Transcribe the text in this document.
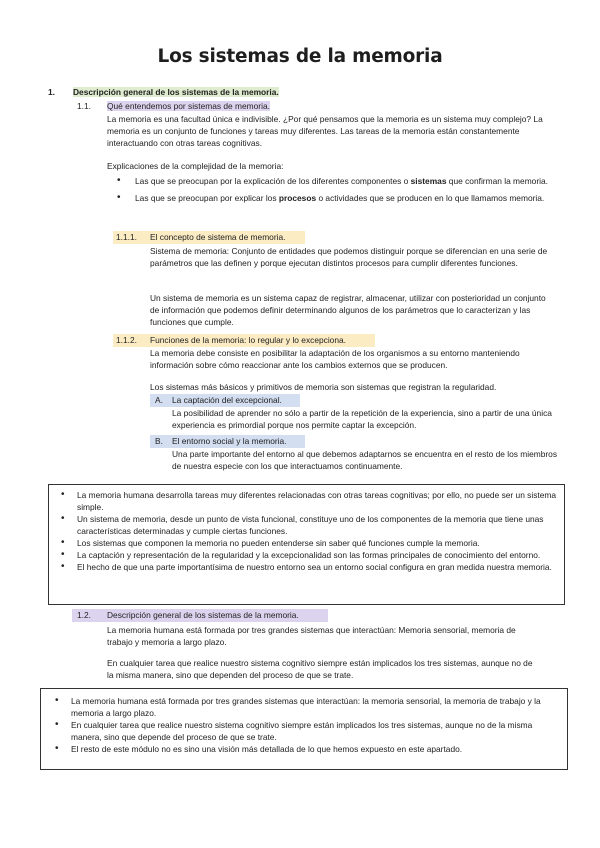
Los sistemas de la memoria
1. Descripción general de los sistemas de la memoria.
1.1. Qué entendemos por sistemas de memoria.

La memoria es una facultad única e indivisible. ¿Por qué pensamos que la memoria es un sistema muy complejo? La memoria es un conjunto de funciones y tareas muy diferentes. Las tareas de la memoria están constantemente interactuando con otras tareas cognitivas.

Explicaciones de la complejidad de la memoria:

• Las que se preocupan por la explicación de los diferentes componentes o sistemas que confirman la memoria.
• Las que se preocupan por explicar los procesos o actividades que se producen en lo que llamamos memoria.
1.1.1. El concepto de sistema de memoria.

Sistema de memoria: Conjunto de entidades que podemos distinguir porque se diferencian en una serie de parámetros que las definen y porque ejecutan distintos procesos para cumplir diferentes funciones.

Un sistema de memoria es un sistema capaz de registrar, almacenar, utilizar con posterioridad un conjunto de información que podemos definir determinando algunos de los parámetros que lo caracterizan y las funciones que cumple.

1.1.2. Funciones de la memoria: lo regular y lo excepciona.

La memoria debe consiste en posibilitar la adaptación de los organismos a su entorno manteniendo información sobre cómo reaccionar ante los cambios externos que se producen.

Los sistemas más básicos y primitivos de memoria son sistemas que registran la regularidad.

A. La captación del excepcional.

La posibilidad de aprender no sólo a partir de la repetición de la experiencia, sino a partir de una única experiencia es primordial porque nos permite captar la excepción.

B. El entorno social y la memoria.

Una parte importante del entorno al que debemos adaptarnos se encuentra en el resto de los miembros de nuestra especie con los que interactuamos continuamente.

• La memoria humana desarrolla tareas muy diferentes relacionadas con otras tareas cognitivas; por ello, no puede ser un sistema simple.
• Un sistema de memoria, desde un punto de vista funcional, constituye uno de los componentes de la memoria que tiene unas características determinadas y cumple ciertas funciones.
• Los sistemas que componen la memoria no pueden entenderse sin saber qué funciones cumple la memoria.
• La captación y representación de la regularidad y la excepcionalidad son las formas principales de conocimiento del entorno.
• El hecho de que una parte importantísima de nuestro entorno sea un entorno social configura en gran medida nuestra memoria.
1.2. Descripción general de los sistemas de la memoria.

La memoria humana está formada por tres grandes sistemas que interactúan: Memoria sensorial, memoria de trabajo y memoria a largo plazo.

En cualquier tarea que realice nuestro sistema cognitivo siempre están implicados los tres sistemas, aunque no de la misma manera, sino que dependen del proceso de que se trate.

• La memoria humana está formada por tres grandes sistemas que interactúan: la memoria sensorial, la memoria de trabajo y la memoria a largo plazo.
• En cualquier tarea que realice nuestro sistema cognitivo siempre están implicados los tres sistemas, aunque no de la misma manera, sino que depende del proceso de que se trate.
• El resto de este módulo no es sino una visión más detallada de lo que hemos expuesto en este apartado.
